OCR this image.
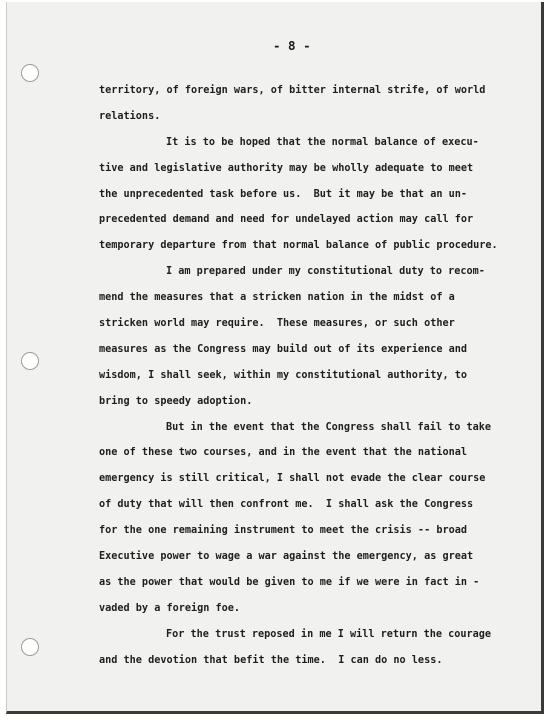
- 8 -
territory, of foreign wars, of bitter internal strife, of world
relations.
It is to be hoped that the normal balance of execu-
tive and legislative authority may be wholly adequate to meet
the unprecedented task before us.  But it may be that an un-
precedented demand and need for undelayed action may call for
temporary departure from that normal balance of public procedure.
I am prepared under my constitutional duty to recom-
mend the measures that a stricken nation in the midst of a
stricken world may require.  These measures, or such other
measures as the Congress may build out of its experience and
wisdom, I shall seek, within my constitutional authority, to
bring to speedy adoption.
But in the event that the Congress shall fail to take
one of these two courses, and in the event that the national
emergency is still critical, I shall not evade the clear course
of duty that will then confront me.  I shall ask the Congress
for the one remaining instrument to meet the crisis -- broad
Executive power to wage a war against the emergency, as great
as the power that would be given to me if we were in fact in -
vaded by a foreign foe.
For the trust reposed in me I will return the courage
and the devotion that befit the time.  I can do no less.
